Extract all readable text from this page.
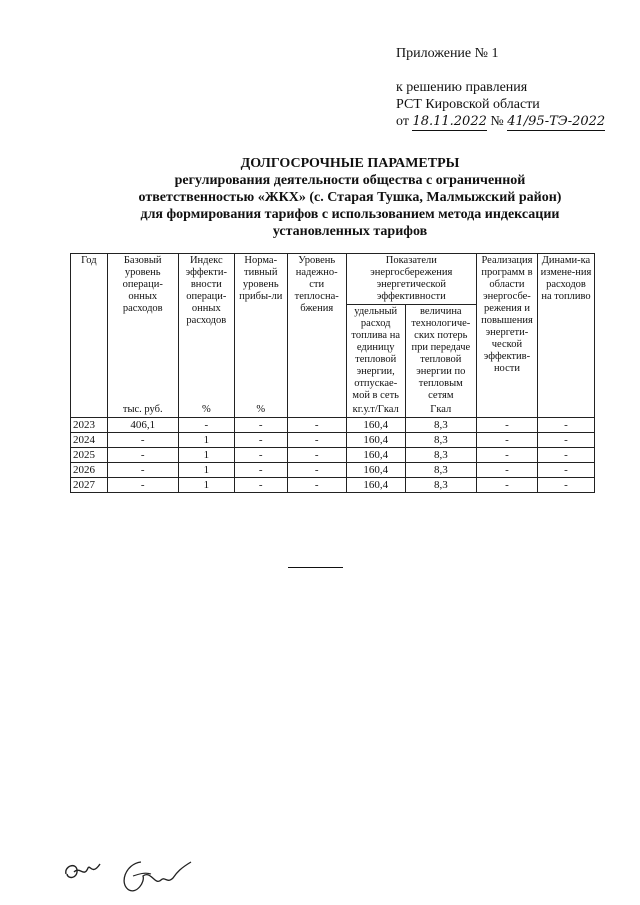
Приложение № 1
к решению правления
РСТ Кировской области
от
18.11.2022
№
41/95-ТЭ-2022
ДОЛГОСРОЧНЫЕ ПАРАМЕТРЫ
регулирования деятельности общества с ограниченной
ответственностью «ЖКХ» (с. Старая Тушка, Малмыжский район)
для формирования тарифов с использованием метода индексации
установленных тарифов
Год	Базовый уровень операци-онных расходов	Индекс эффекти-вности операци-онных расходов	Норма-тивный уровень прибы-ли	Уровень надежно-сти теплосна-бжения	Показатели энергосбережения энергетической эффективности		Реализация программ в области энергосбе-режения и повышения энергети-ческой эффектив-ности	Динами-ка измене-ния расходов на топливо
					удельный расход топлива на единицу тепловой энергии, отпускае-мой в сеть	величина технологиче-ских потерь при передаче тепловой энергии по тепловым сетям		
	тыс. руб.	%	%		кг.у.т/Гкал	Гкал		
2023	406,1	-	-	-	160,4	8,3	-	-
2024	-	1	-	-	160,4	8,3	-	-
2025	-	1	-	-	160,4	8,3	-	-
2026	-	1	-	-	160,4	8,3	-	-
2027	-	1	-	-	160,4	8,3	-	-
